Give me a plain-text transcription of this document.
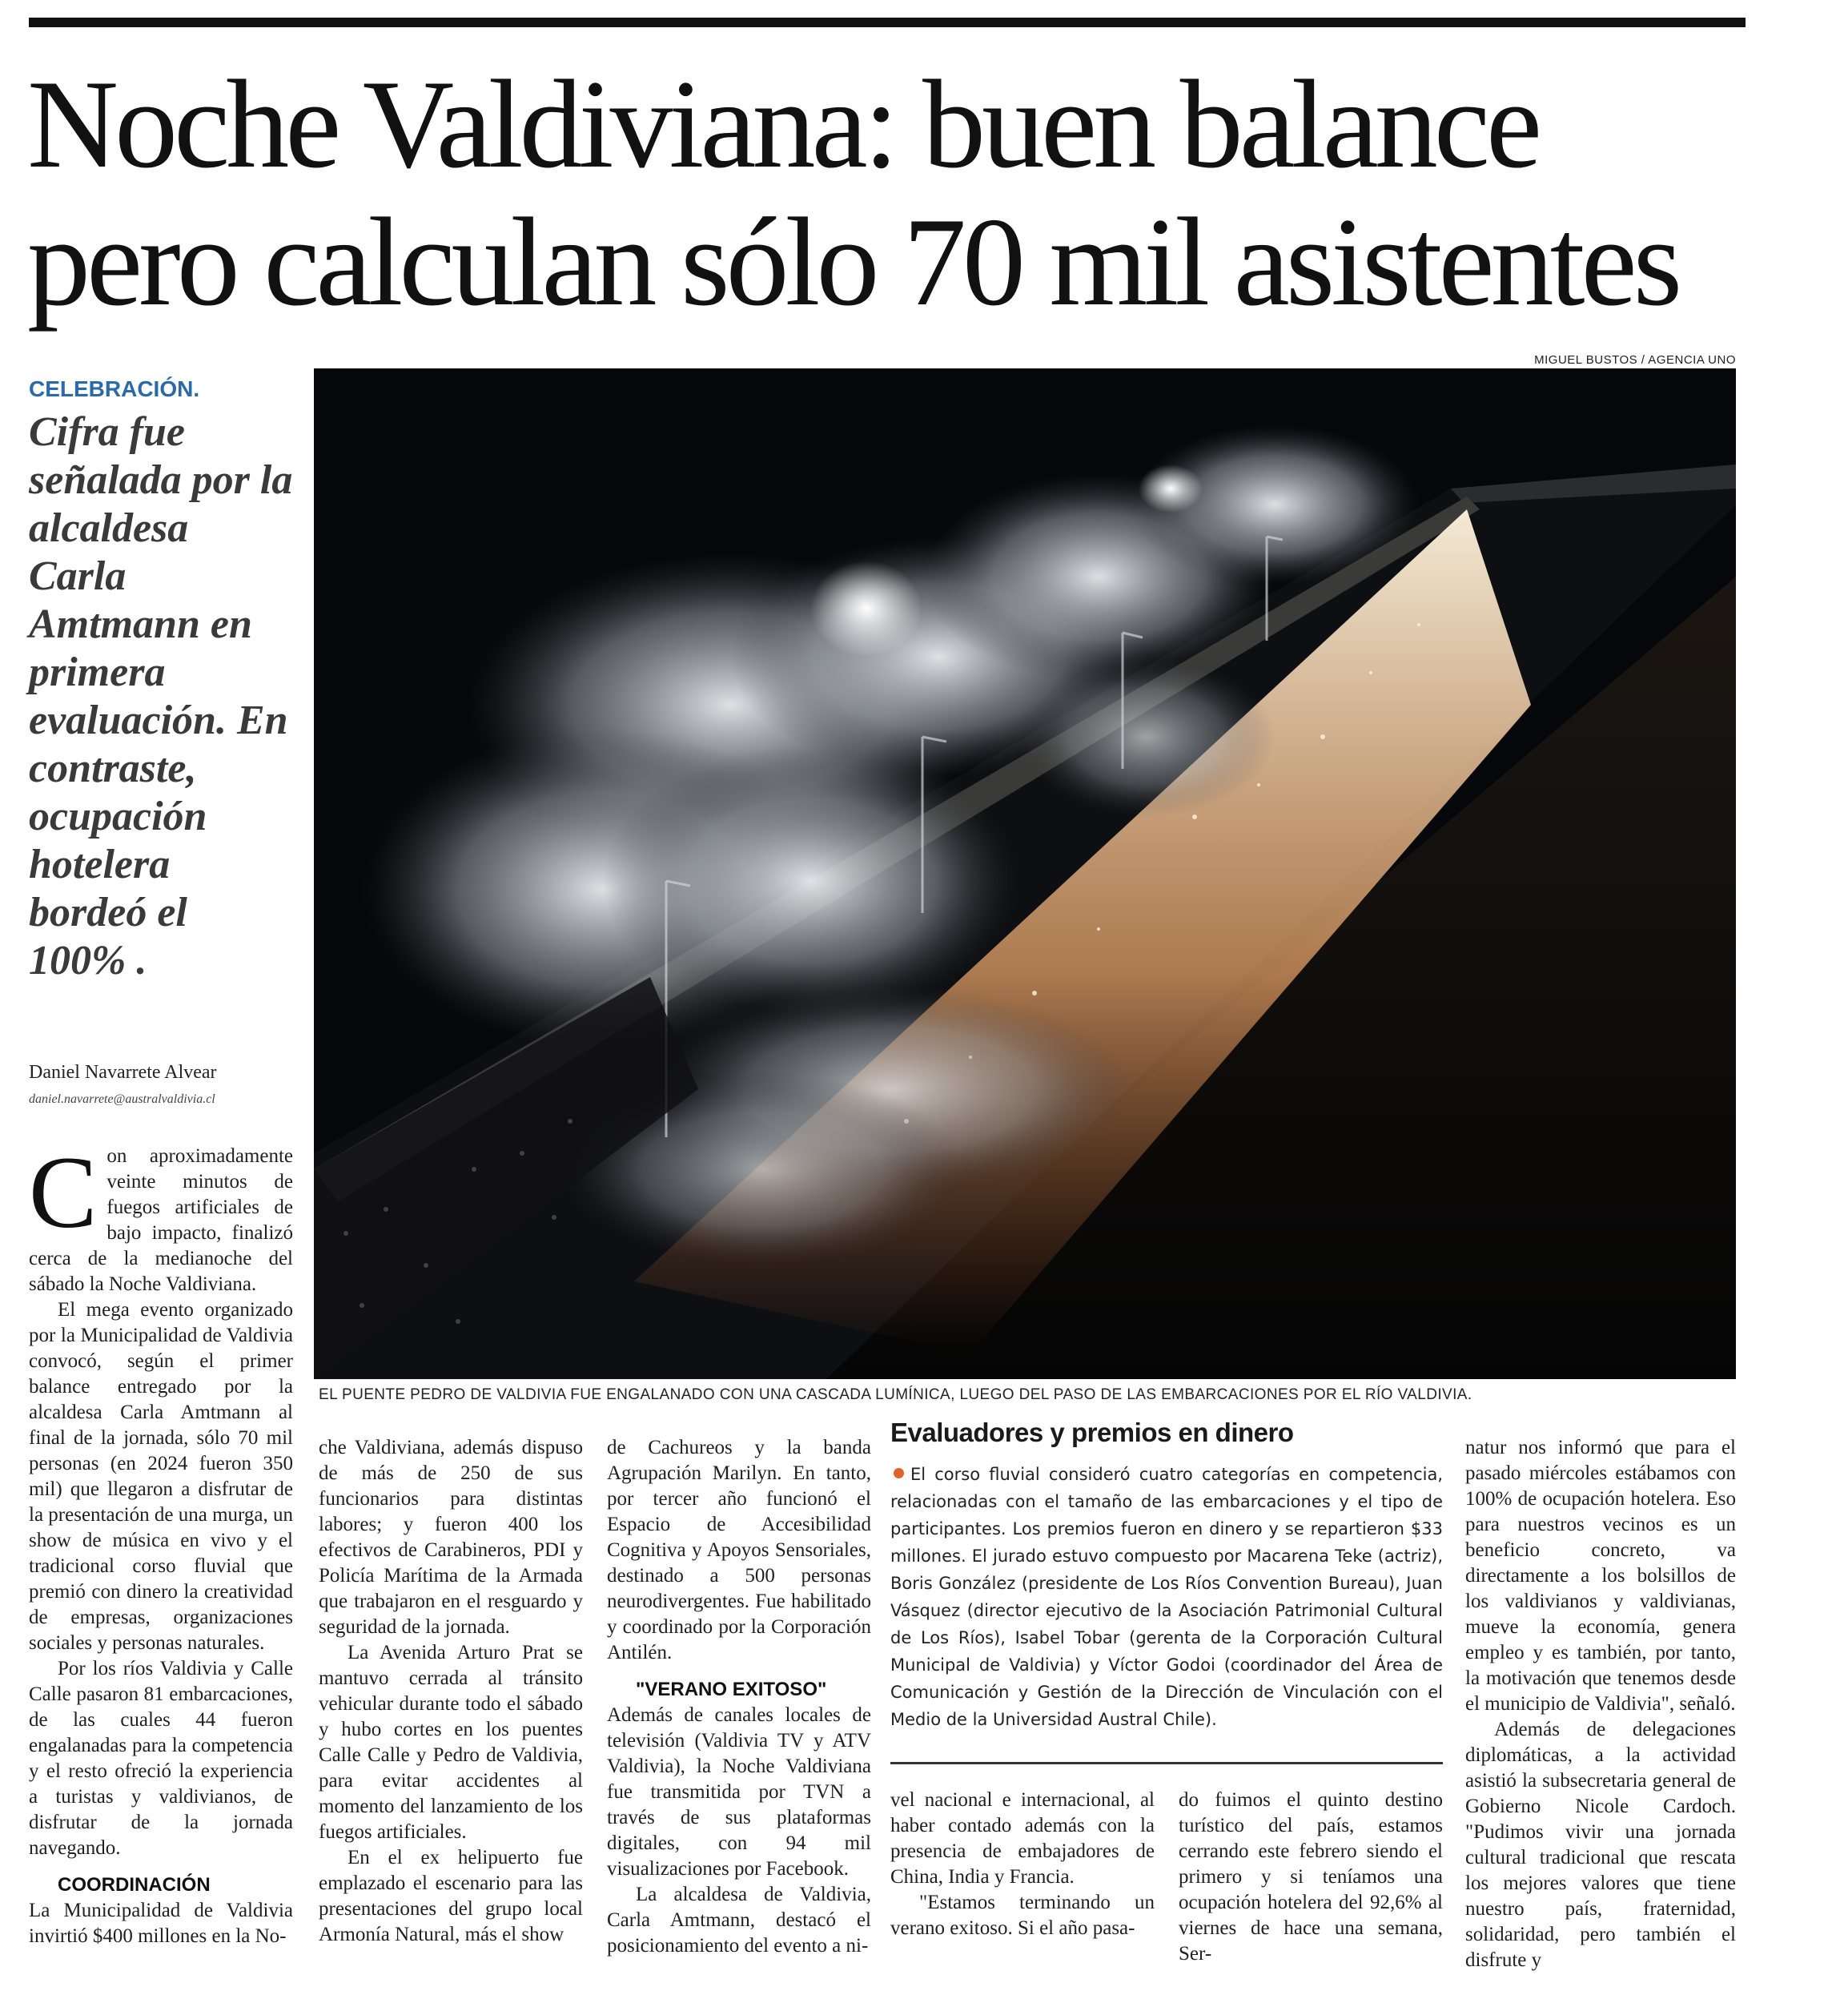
Noche Valdiviana: buen balance pero calculan sólo 70 mil asistentes
MIGUEL BUSTOS / AGENCIA UNO
CELEBRACIÓN.
Cifra fue señalada por la alcaldesa Carla Amtmann en primera evaluación. En contraste, ocupación hotelera bordeó el 100% .
Daniel Navarrete Alvear
daniel.navarrete@australvaldivia.cl
EL PUENTE PEDRO DE VALDIVIA FUE ENGALANADO CON UNA CASCADA LUMÍNICA, LUEGO DEL PASO DE LAS EMBARCACIONES POR EL RÍO VALDIVIA.

Con aproximadamente veinte minutos de fuegos artificiales de bajo impacto, finalizó cerca de la medianoche del sábado la Noche Valdiviana.

El mega evento organizado por la Municipalidad de Valdivia convocó, según el primer balance entregado por la alcaldesa Carla Amtmann al final de la jornada, sólo 70 mil personas (en 2024 fueron 350 mil) que llegaron a disfrutar de la presentación de una murga, un show de música en vivo y el tradicional corso fluvial que premió con dinero la creatividad de empresas, organizaciones sociales y personas naturales.

Por los ríos Valdivia y Calle Calle pasaron 81 embarcaciones, de las cuales 44 fueron engalanadas para la competencia y el resto ofreció la experiencia a turistas y valdivianos, de disfrutar de la jornada navegando.

COORDINACIÓN

La Municipalidad de Valdivia invirtió $400 millones en la No-

che Valdiviana, además dispuso de más de 250 de sus funcionarios para distintas labores; y fueron 400 los efectivos de Carabineros, PDI y Policía Marítima de la Armada que trabajaron en el resguardo y seguridad de la jornada.

La Avenida Arturo Prat se mantuvo cerrada al tránsito vehicular durante todo el sábado y hubo cortes en los puentes Calle Calle y Pedro de Valdivia, para evitar accidentes al momento del lanzamiento de los fuegos artificiales.

En el ex helipuerto fue emplazado el escenario para las presentaciones del grupo local Armonía Natural, más el show

de Cachureos y la banda Agrupación Marilyn. En tanto, por tercer año funcionó el Espacio de Accesibilidad Cognitiva y Apoyos Sensoriales, destinado a 500 personas neurodivergentes. Fue habilitado y coordinado por la Corporación Antilén.

"VERANO EXITOSO"

Además de canales locales de televisión (Valdivia TV y ATV Valdivia), la Noche Valdiviana fue transmitida por TVN a través de sus plataformas digitales, con 94 mil visualizaciones por Facebook.

La alcaldesa de Valdivia, Carla Amtmann, destacó el posicionamiento del evento a ni-

Evaluadores y premios en dinero
El corso fluvial consideró cuatro categorías en competencia, relacionadas con el tamaño de las embarcaciones y el tipo de participantes. Los premios fueron en dinero y se repartieron $33 millones. El jurado estuvo compuesto por Macarena Teke (actriz), Boris González (presidente de Los Ríos Convention Bureau), Juan Vásquez (director ejecutivo de la Asociación Patrimonial Cultural de Los Ríos), Isabel Tobar (gerenta de la Corporación Cultural Municipal de Valdivia) y Víctor Godoi (coordinador del Área de Comunicación y Gestión de la Dirección de Vinculación con el Medio de la Universidad Austral Chile).

vel nacional e internacional, al haber contado además con la presencia de embajadores de China, India y Francia.

"Estamos terminando un verano exitoso. Si el año pasa-

do fuimos el quinto destino turístico del país, estamos cerrando este febrero siendo el primero y si teníamos una ocupación hotelera del 92,6% al viernes de hace una semana, Ser-

natur nos informó que para el pasado miércoles estábamos con 100% de ocupación hotelera. Eso para nuestros vecinos es un beneficio concreto, va directamente a los bolsillos de los valdivianos y valdivianas, mueve la economía, genera empleo y es también, por tanto, la motivación que tenemos desde el municipio de Valdivia", señaló.

Además de delegaciones diplomáticas, a la actividad asistió la subsecretaria general de Gobierno Nicole Cardoch. "Pudimos vivir una jornada cultural tradicional que rescata los mejores valores que tiene nuestro país, fraternidad, solidaridad, pero también el disfrute y
